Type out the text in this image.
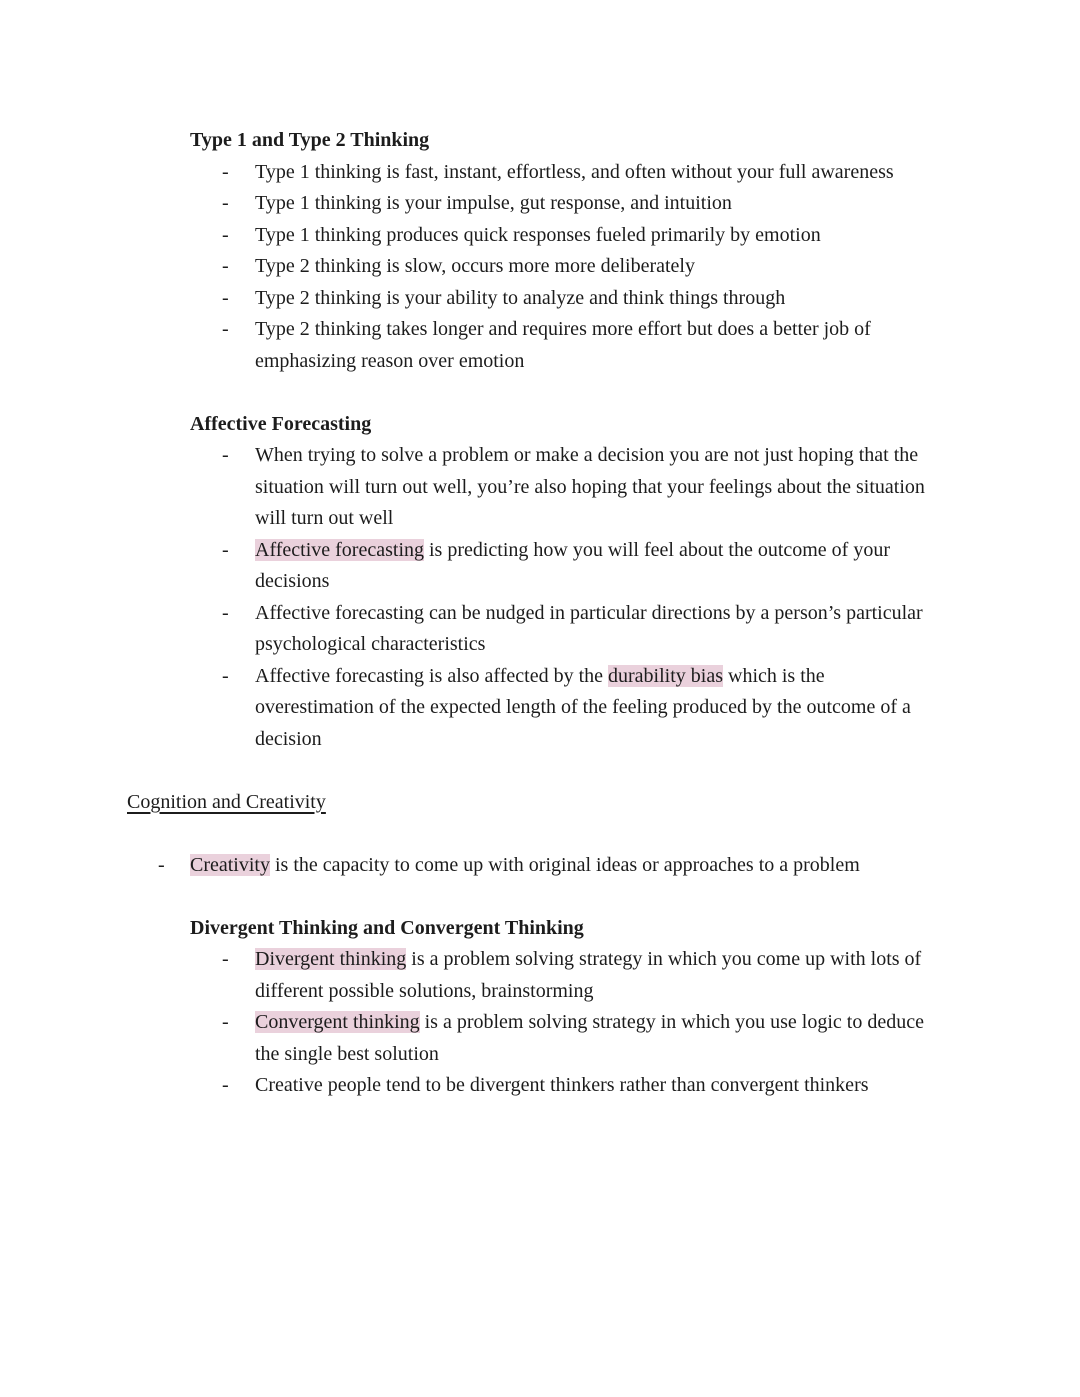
Type 1 and Type 2 Thinking
-	Type 1 thinking is fast, instant, effortless, and often without your full awareness

-	Type 1 thinking is your impulse, gut response, and intuition

-	Type 1 thinking produces quick responses fueled primarily by emotion

-	Type 2 thinking is slow, occurs more more deliberately

-	Type 2 thinking is your ability to analyze and think things through

-	Type 2 thinking takes longer and requires more effort but does a better job of emphasizing reason over emotion

Affective Forecasting
-	When trying to solve a problem or make a decision you are not just hoping that the situation will turn out well, you’re also hoping that your feelings about the situation will turn out well

-	Affective forecasting is predicting how you will feel about the outcome of your decisions

-	Affective forecasting can be nudged in particular directions by a person’s particular psychological characteristics

-	Affective forecasting is also affected by the durability bias which is the overestimation of the expected length of the feeling produced by the outcome of a decision

Cognition and Creativity
-	Creativity is the capacity to come up with original ideas or approaches to a problem

Divergent Thinking and Convergent Thinking
-	Divergent thinking is a problem solving strategy in which you come up with lots of different possible solutions, brainstorming

-	Convergent thinking is a problem solving strategy in which you use logic to deduce the single best solution

-	Creative people tend to be divergent thinkers rather than convergent thinkers
